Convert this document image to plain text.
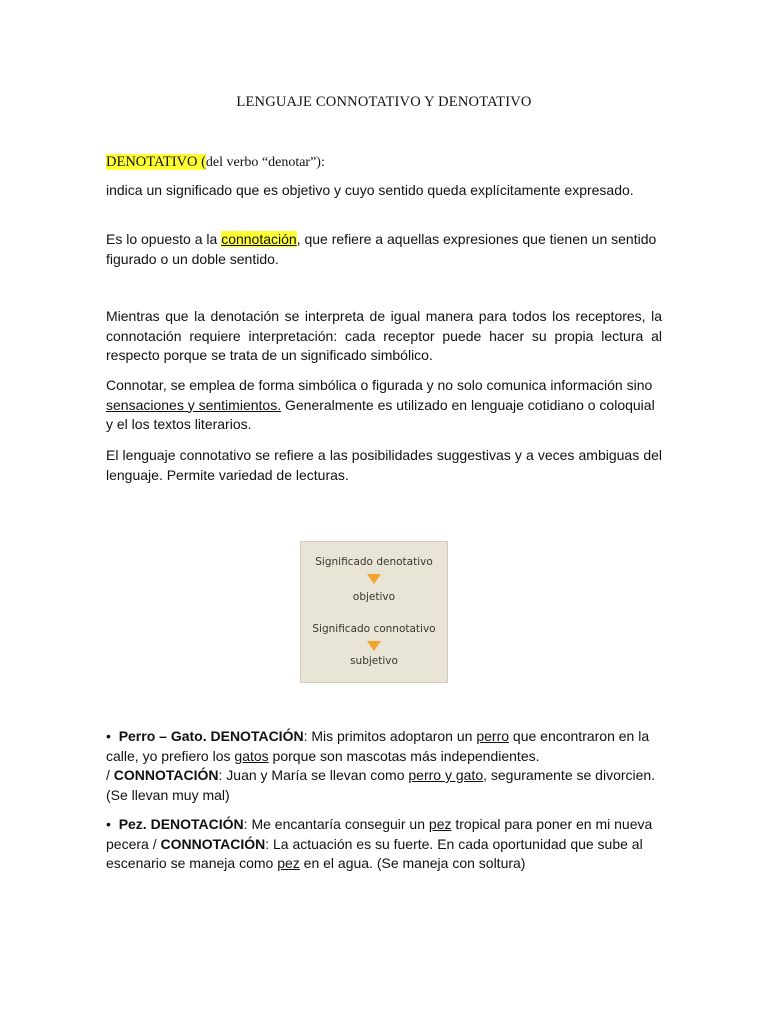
LENGUAJE CONNOTATIVO Y DENOTATIVO
DENOTATIVO (del verbo “denotar”):
indica un significado que es objetivo y cuyo sentido queda explícitamente expresado.
Es lo opuesto a la connotación, que refiere a aquellas expresiones que tienen un sentido figurado o un doble sentido.
Mientras que la denotación se interpreta de igual manera para todos los receptores, la connotación requiere interpretación: cada receptor puede hacer su propia lectura al respecto porque se trata de un significado simbólico.
Connotar, se emplea de forma simbólica o figurada y no solo comunica información sino sensaciones y sentimientos. Generalmente es utilizado en lenguaje cotidiano o coloquial y el los textos literarios.
El lenguaje connotativo se refiere a las posibilidades suggestivas y a veces ambiguas del lenguaje. Permite variedad de lecturas.
Significado denotativo
objetivo
Significado connotativo
subjetivo
• Perro – Gato. DENOTACIÓN: Mis primitos adoptaron un perro que encontraron en la calle, yo prefiero los gatos porque son mascotas más independientes.
/ CONNOTACIÓN: Juan y María se llevan como perro y gato, seguramente se divorcien. (Se llevan muy mal)
• Pez. DENOTACIÓN: Me encantaría conseguir un pez tropical para poner en mi nueva pecera / CONNOTACIÓN: La actuación es su fuerte. En cada oportunidad que sube al escenario se maneja como pez en el agua. (Se maneja con soltura)
